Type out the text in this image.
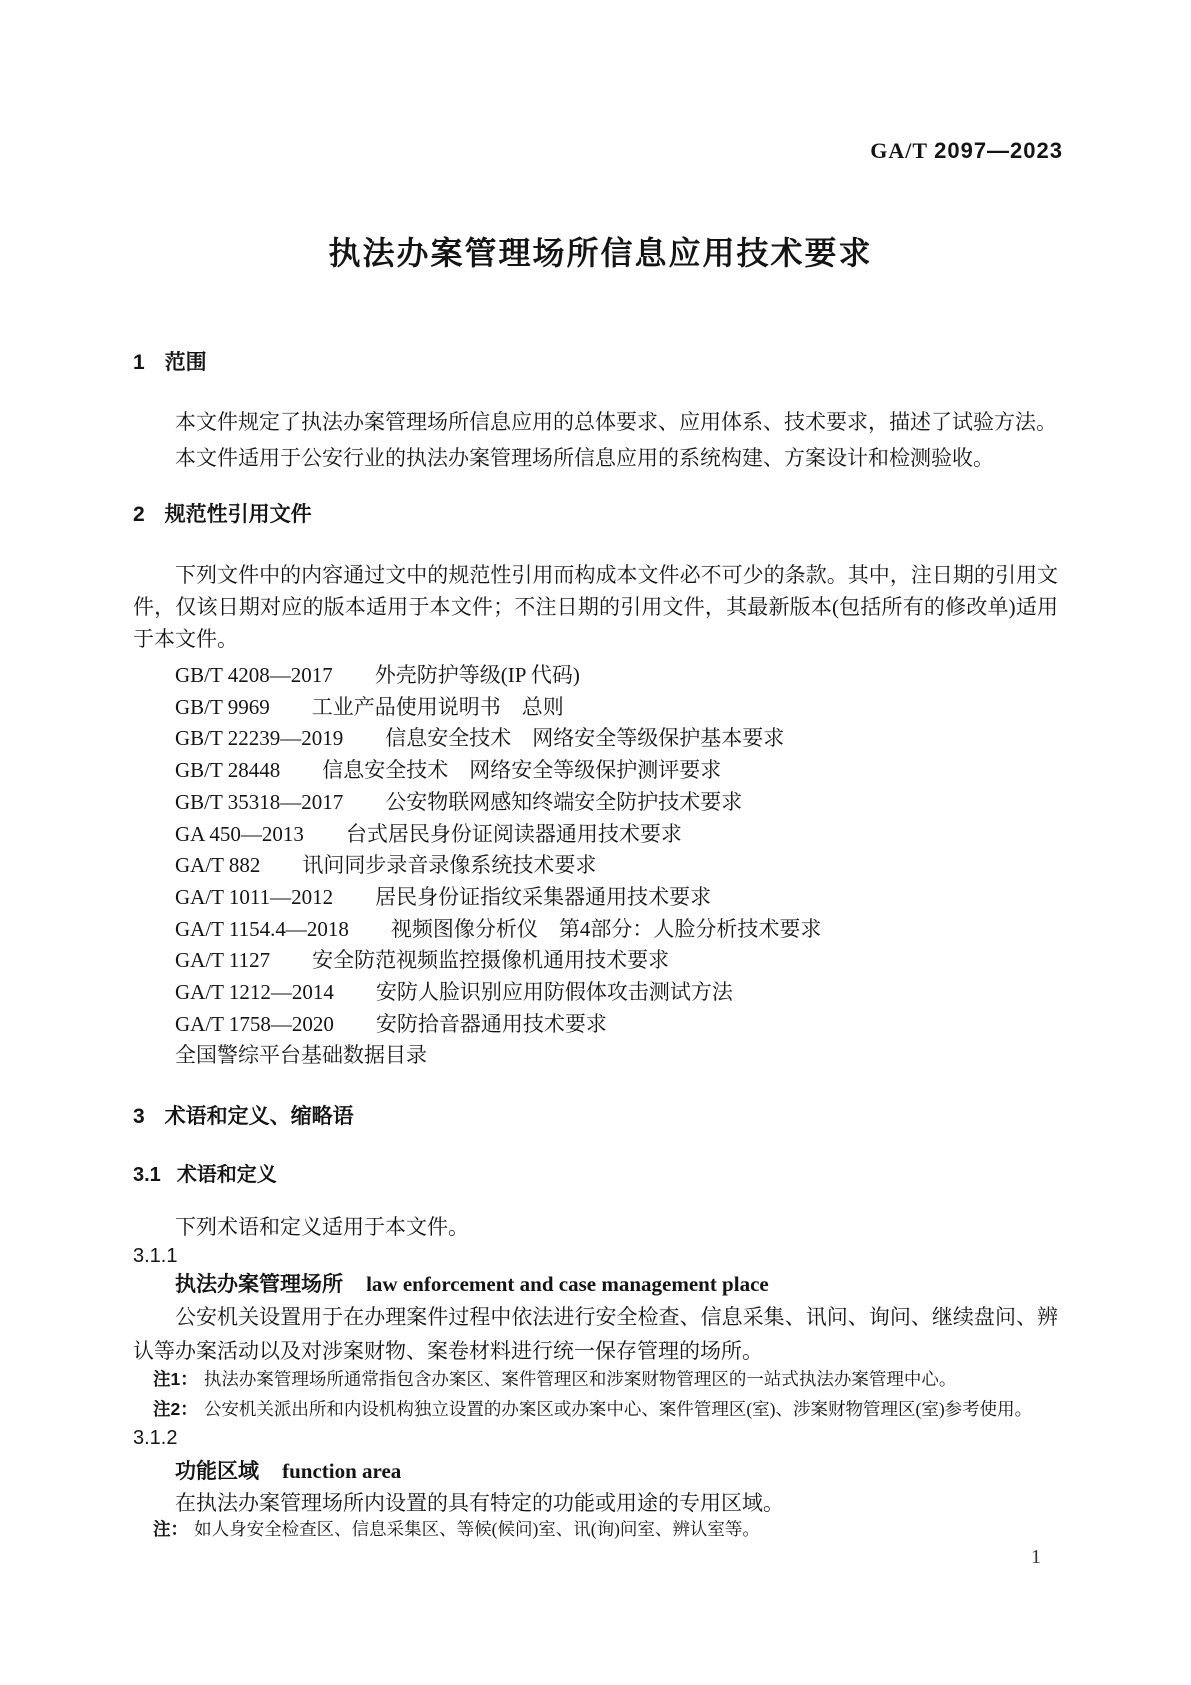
GA/T 2097—2023
执法办案管理场所信息应用技术要求
1 范围

本文件规定了执法办案管理场所信息应用的总体要求、应用体系、技术要求，描述了试验方法。

本文件适用于公安行业的执法办案管理场所信息应用的系统构建、方案设计和检测验收。

2 规范性引用文件

下列文件中的内容通过文中的规范性引用而构成本文件必不可少的条款。其中，注日期的引用文件，仅该日期对应的版本适用于本文件；不注日期的引用文件，其最新版本(包括所有的修改单)适用于本文件。

GB/T 4208—2017　　外壳防护等级(IP 代码)
GB/T 9969　　工业产品使用说明书　总则
GB/T 22239—2019　　信息安全技术　网络安全等级保护基本要求
GB/T 28448　　信息安全技术　网络安全等级保护测评要求
GB/T 35318—2017　　公安物联网感知终端安全防护技术要求
GA 450—2013　　台式居民身份证阅读器通用技术要求
GA/T 882　　讯问同步录音录像系统技术要求
GA/T 1011—2012　　居民身份证指纹采集器通用技术要求
GA/T 1154.4—2018　　视频图像分析仪　第4部分：人脸分析技术要求
GA/T 1127　　安全防范视频监控摄像机通用技术要求
GA/T 1212—2014　　安防人脸识别应用防假体攻击测试方法
GA/T 1758—2020　　安防拾音器通用技术要求
全国警综平台基础数据目录
3 术语和定义、缩略语
3.1 术语和定义

下列术语和定义适用于本文件。

3.1.1
执法办案管理场所 law enforcement and case management place

公安机关设置用于在办理案件过程中依法进行安全检查、信息采集、讯问、询问、继续盘问、辨认等办案活动以及对涉案财物、案卷材料进行统一保存管理的场所。

注1： 执法办案管理场所通常指包含办案区、案件管理区和涉案财物管理区的一站式执法办案管理中心。
注2： 公安机关派出所和内设机构独立设置的办案区或办案中心、案件管理区(室)、涉案财物管理区(室)参考使用。
3.1.2
功能区域 function area

在执法办案管理场所内设置的具有特定的功能或用途的专用区域。

注： 如人身安全检查区、信息采集区、等候(候问)室、讯(询)问室、辨认室等。
1
